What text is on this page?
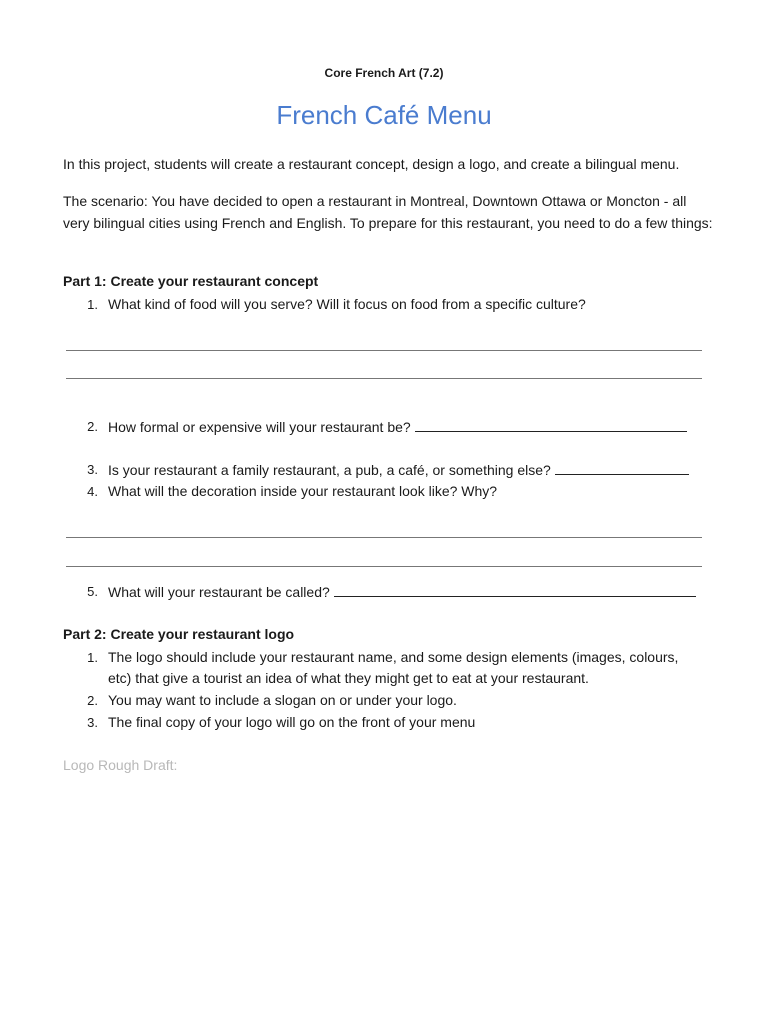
Core French Art (7.2)
French Café Menu

In this project, students will create a restaurant concept, design a logo, and create a bilingual menu.

The scenario: You have decided to open a restaurant in Montreal, Downtown Ottawa or Moncton - all very bilingual cities using French and English. To prepare for this restaurant, you need to do a few things:

Part 1: Create your restaurant concept
1. What kind of food will you serve? Will it focus on food from a specific culture?
2. How formal or expensive will your restaurant be?
3. Is your restaurant a family restaurant, a pub, a café, or something else?
4. What will the decoration inside your restaurant look like? Why?
5. What will your restaurant be called?
Part 2: Create your restaurant logo
1. The logo should include your restaurant name, and some design elements (images, colours, etc) that give a tourist an idea of what they might get to eat at your restaurant.
2. You may want to include a slogan on or under your logo.
3. The final copy of your logo will go on the front of your menu
Logo Rough Draft:
